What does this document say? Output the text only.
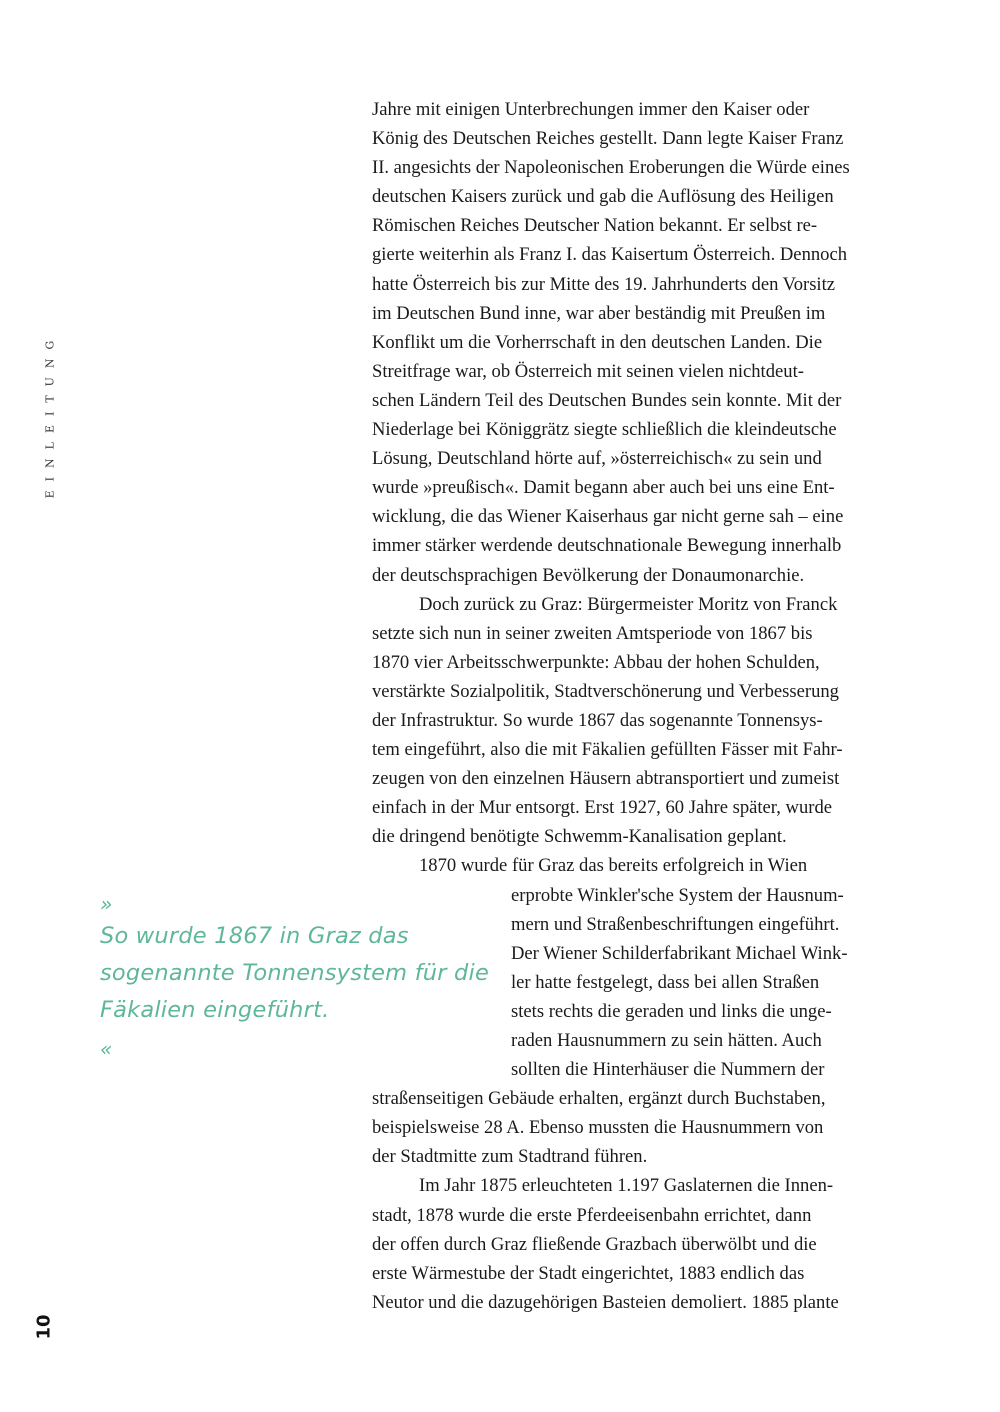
EINLEITUNG
10
Jahre mit einigen Unterbrechungen immer den Kaiser oder
König des Deutschen Reiches gestellt. Dann legte Kaiser Franz
II. angesichts der Napoleonischen Eroberungen die Würde eines
deutschen Kaisers zurück und gab die Auflösung des Heiligen
Römischen Reiches Deutscher Nation bekannt. Er selbst re-
gierte weiterhin als Franz I. das Kaisertum Österreich. Dennoch
hatte Österreich bis zur Mitte des 19. Jahrhunderts den Vorsitz
im Deutschen Bund inne, war aber beständig mit Preußen im
Konflikt um die Vorherrschaft in den deutschen Landen. Die
Streitfrage war, ob Österreich mit seinen vielen nichtdeut-
schen Ländern Teil des Deutschen Bundes sein konnte. Mit der
Niederlage bei Königgrätz siegte schließlich die kleindeutsche
Lösung, Deutschland hörte auf, »österreichisch« zu sein und
wurde »preußisch«. Damit begann aber auch bei uns eine Ent-
wicklung, die das Wiener Kaiserhaus gar nicht gerne sah – eine
immer stärker werdende deutschnationale Bewegung innerhalb
der deutschsprachigen Bevölkerung der Donaumonarchie.
Doch zurück zu Graz: Bürgermeister Moritz von Franck
setzte sich nun in seiner zweiten Amtsperiode von 1867 bis
1870 vier Arbeitsschwerpunkte: Abbau der hohen Schulden,
verstärkte Sozialpolitik, Stadtverschönerung und Verbesserung
der Infrastruktur. So wurde 1867 das sogenannte Tonnensys-
tem eingeführt, also die mit Fäkalien gefüllten Fässer mit Fahr-
zeugen von den einzelnen Häusern abtransportiert und zumeist
einfach in der Mur entsorgt. Erst 1927, 60 Jahre später, wurde
die dringend benötigte Schwemm-Kanalisation geplant.
1870 wurde für Graz das bereits erfolgreich in Wien
erprobte Winkler'sche System der Hausnum-
mern und Straßenbeschriftungen eingeführt.
Der Wiener Schilderfabrikant Michael Wink-
ler hatte festgelegt, dass bei allen Straßen
stets rechts die geraden und links die unge-
raden Hausnummern zu sein hätten. Auch
sollten die Hinterhäuser die Nummern der
straßenseitigen Gebäude erhalten, ergänzt durch Buchstaben,
beispielsweise 28 A. Ebenso mussten die Hausnummern von
der Stadtmitte zum Stadtrand führen.
Im Jahr 1875 erleuchteten 1.197 Gaslaternen die Innen-
stadt, 1878 wurde die erste Pferdeeisenbahn errichtet, dann
der offen durch Graz fließende Grazbach überwölbt und die
erste Wärmestube der Stadt eingerichtet, 1883 endlich das
Neutor und die dazugehörigen Basteien demoliert. 1885 plante
»
So wurde 1867 in Graz das
sogenannte Tonnensystem für die
Fäkalien eingeführt.
«
